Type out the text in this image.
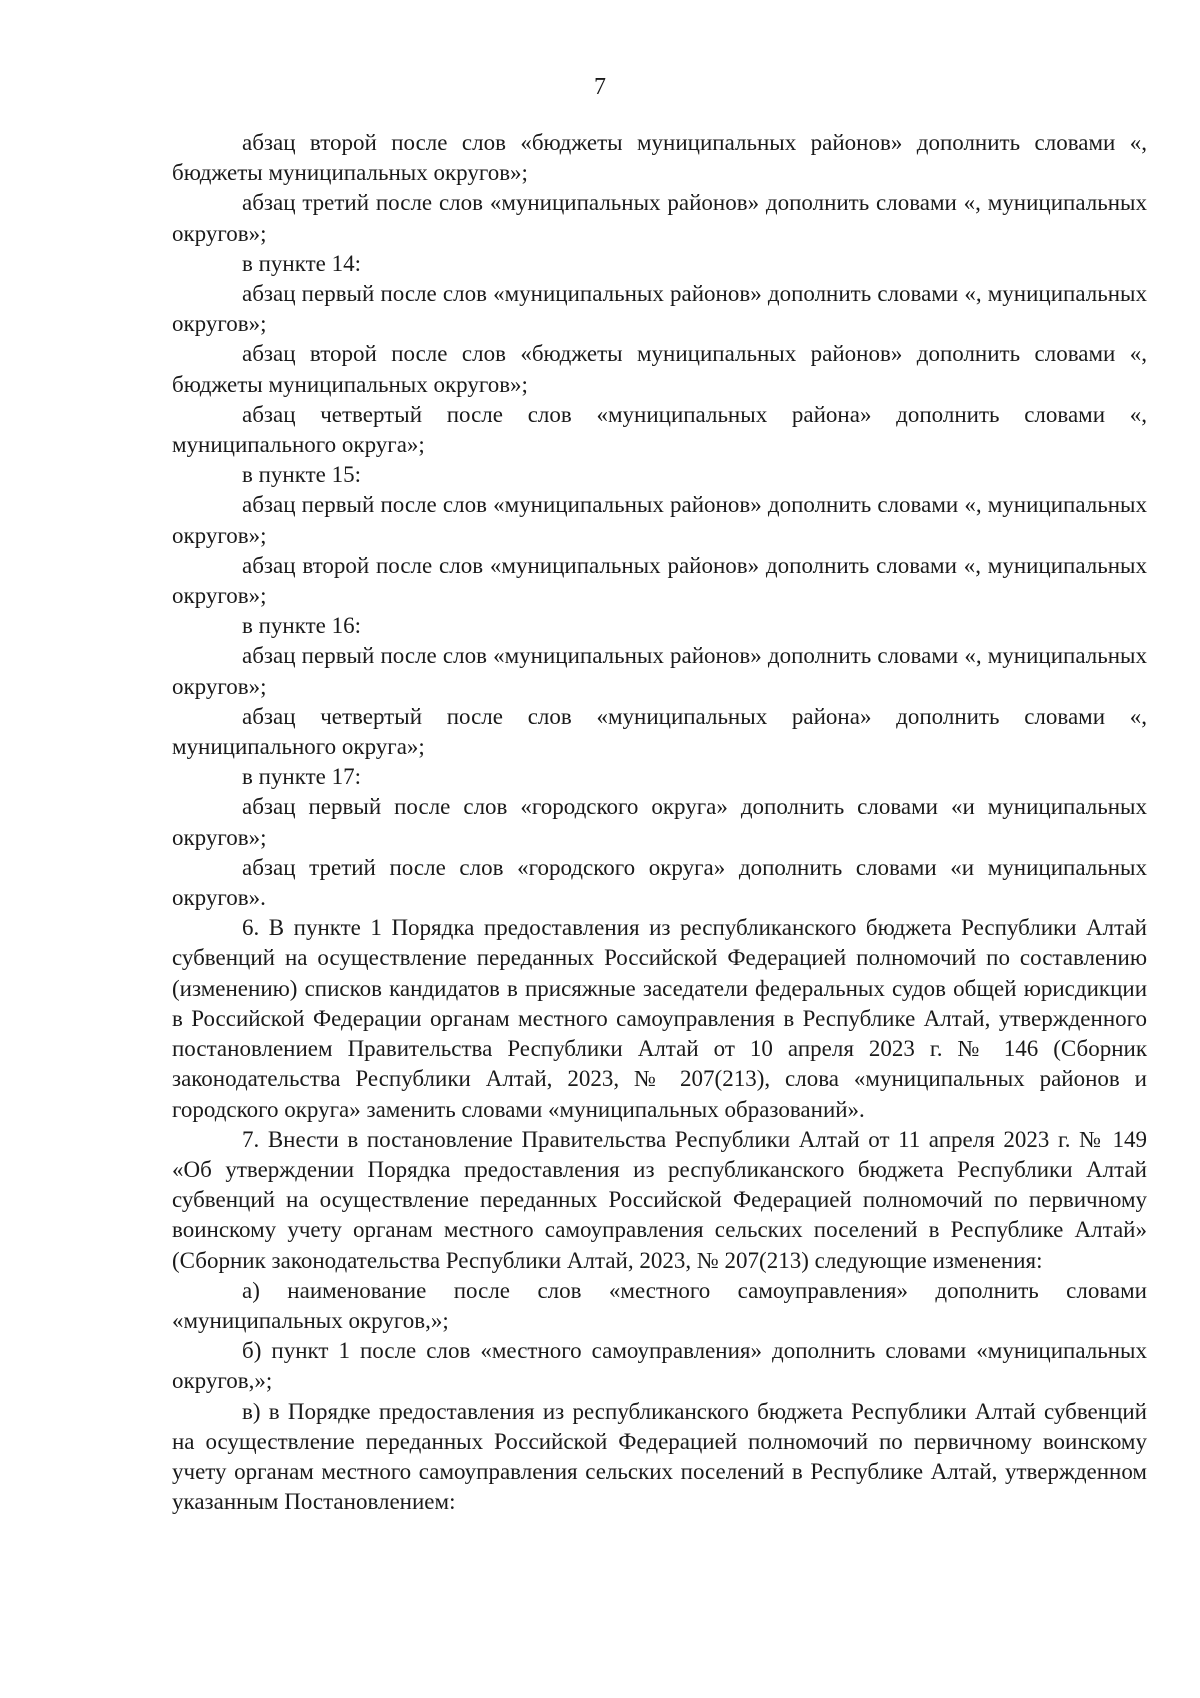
7

абзац второй после слов «бюджеты муниципальных районов» дополнить словами «, бюджеты муниципальных округов»;

абзац третий после слов «муниципальных районов» дополнить словами «, муниципальных округов»;

в пункте 14:

абзац первый после слов «муниципальных районов» дополнить словами «, муниципальных округов»;

абзац второй после слов «бюджеты муниципальных районов» дополнить словами «, бюджеты муниципальных округов»;

абзац четвертый после слов «муниципальных района» дополнить словами «, муниципального округа»;

в пункте 15:

абзац первый после слов «муниципальных районов» дополнить словами «, муниципальных округов»;

абзац второй после слов «муниципальных районов» дополнить словами «, муниципальных округов»;

в пункте 16:

абзац первый после слов «муниципальных районов» дополнить словами «, муниципальных округов»;

абзац четвертый после слов «муниципальных района» дополнить словами «, муниципального округа»;

в пункте 17:

абзац первый после слов «городского округа» дополнить словами «и муниципальных округов»;

абзац третий после слов «городского округа» дополнить словами «и муниципальных округов».

6. В пункте 1 Порядка предоставления из республиканского бюджета Республики Алтай субвенций на осуществление переданных Российской Федерацией полномочий по составлению (изменению) списков кандидатов в присяжные заседатели федеральных судов общей юрисдикции в Российской Федерации органам местного самоуправления в Республике Алтай, утвержденного постановлением Правительства Республики Алтай от 10 апреля 2023 г. № 146 (Сборник законодательства Республики Алтай, 2023, № 207(213), слова «муниципальных районов и городского округа» заменить словами «муниципальных образований».

7. Внести в постановление Правительства Республики Алтай от 11 апреля 2023 г. № 149 «Об утверждении Порядка предоставления из республиканского бюджета Республики Алтай субвенций на осуществление переданных Российской Федерацией полномочий по первичному воинскому учету органам местного самоуправления сельских поселений в Республике Алтай» (Сборник законодательства Республики Алтай, 2023, № 207(213) следующие изменения:

а) наименование после слов «местного самоуправления» дополнить словами «муниципальных округов,»;

б) пункт 1 после слов «местного самоуправления» дополнить словами «муниципальных округов,»;

в) в Порядке предоставления из республиканского бюджета Республики Алтай субвенций на осуществление переданных Российской Федерацией полномочий по первичному воинскому учету органам местного самоуправления сельских поселений в Республике Алтай, утвержденном указанным Постановлением:
